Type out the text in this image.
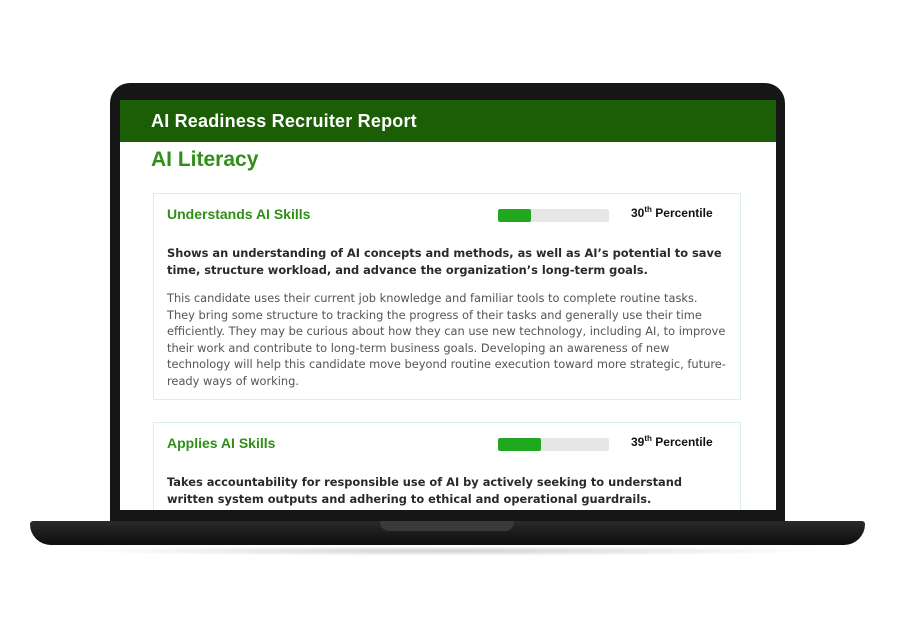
AI Readiness Recruiter Report
AI Literacy
Understands AI Skills	30th Percentile
Shows an understanding of AI concepts and methods, as well as AI’s potential to save time, structure workload, and advance the organization’s long-term goals.
This candidate uses their current job knowledge and familiar tools to complete routine tasks. They bring some structure to tracking the progress of their tasks and generally use their time efficiently. They may be curious about how they can use new technology, including AI, to improve their work and contribute to long-term business goals. Developing an awareness of new technology will help this candidate move beyond routine execution toward more strategic, future-ready ways of working.
Applies AI Skills	39th Percentile
Takes accountability for responsible use of AI by actively seeking to understand written system outputs and adhering to ethical and operational guardrails.
